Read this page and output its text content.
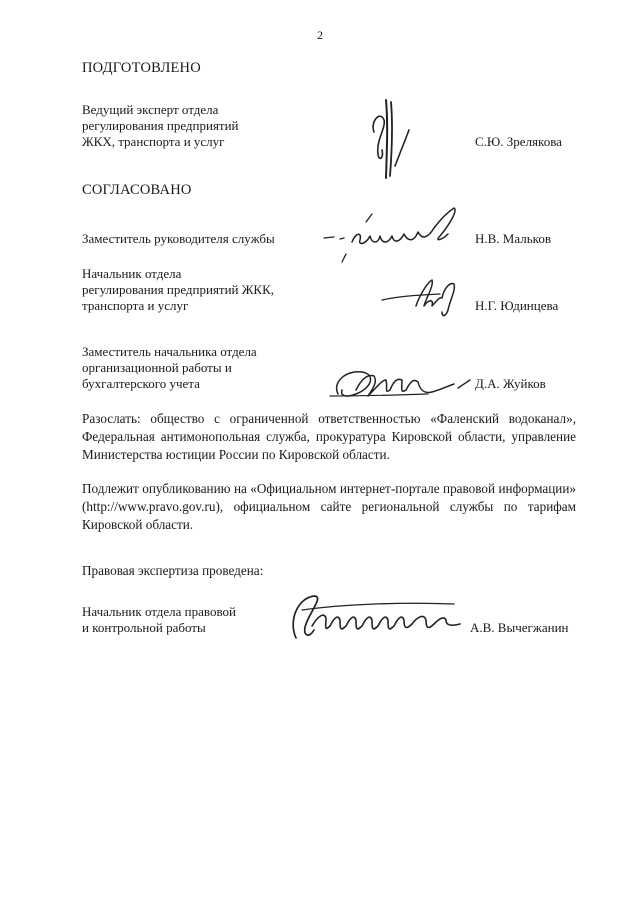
2
ПОДГОТОВЛЕНО
Ведущий эксперт отдела
регулирования предприятий
ЖКХ, транспорта и услуг	С.Ю. Зрелякова
СОГЛАСОВАНО
Заместитель руководителя службы	Н.В. Мальков
Начальник отдела
регулирования предприятий ЖКК,
транспорта и услуг	Н.Г. Юдинцева
Заместитель начальника отдела
организационной работы и
бухгалтерского учета	Д.А. Жуйков
Разослать: общество с ограниченной ответственностью «Фаленский водоканал», Федеральная антимонопольная служба, прокуратура Кировской области, управление Министерства юстиции России по Кировской области.
Подлежит опубликованию на «Официальном интернет-портале правовой информации» (http://www.pravo.gov.ru), официальном сайте региональной службы по тарифам Кировской области.
Правовая экспертиза проведена:
Начальник отдела правовой
и контрольной работы	А.В. Вычегжанин
